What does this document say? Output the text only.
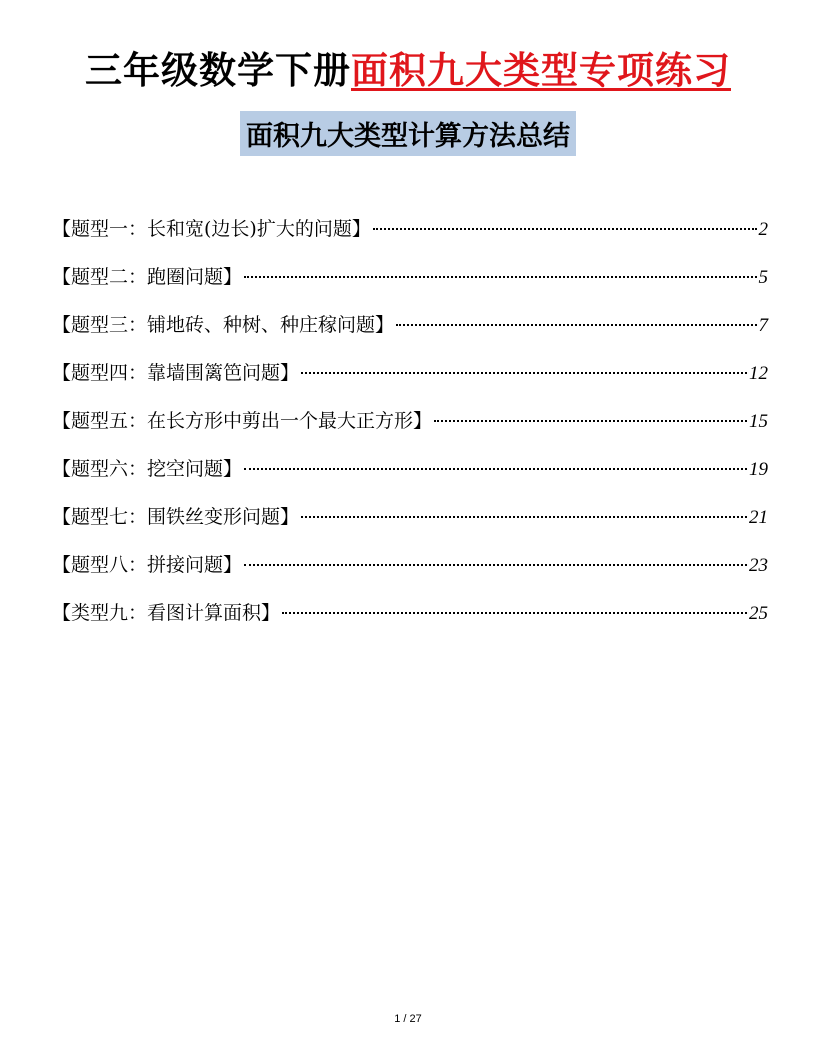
三年级数学下册面积九大类型专项练习
面积九大类型计算方法总结
【题型一：长和宽(边长)扩大的问题】	2
【题型二：跑圈问题】	5
【题型三：铺地砖、种树、种庄稼问题】	7
【题型四：靠墙围篱笆问题】	12
【题型五：在长方形中剪出一个最大正方形】	15
【题型六：挖空问题】	19
【题型七：围铁丝变形问题】	21
【题型八：拼接问题】	23
【类型九：看图计算面积】	25
1 / 27
